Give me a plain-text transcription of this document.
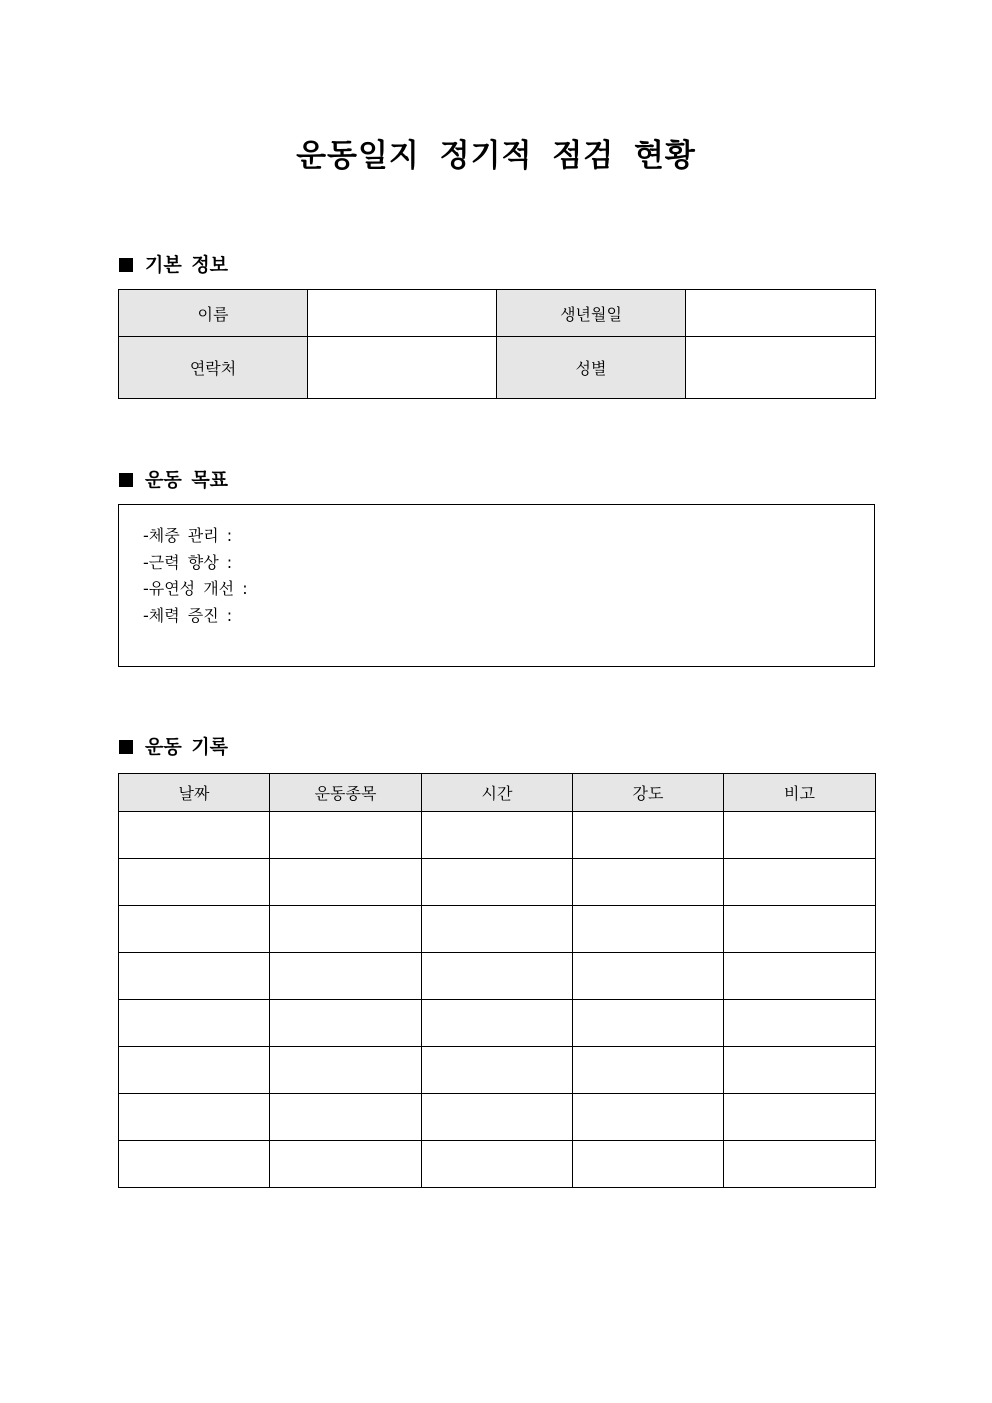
운동일지 정기적 점검 현황
기본 정보
이름		생년월일	
연락처		성별	
운동 목표
-체중 관리 :
-근력 향상 :
-유연성 개선 :
-체력 증진 :
운동 기록
날짜	운동종목	시간	강도	비고
